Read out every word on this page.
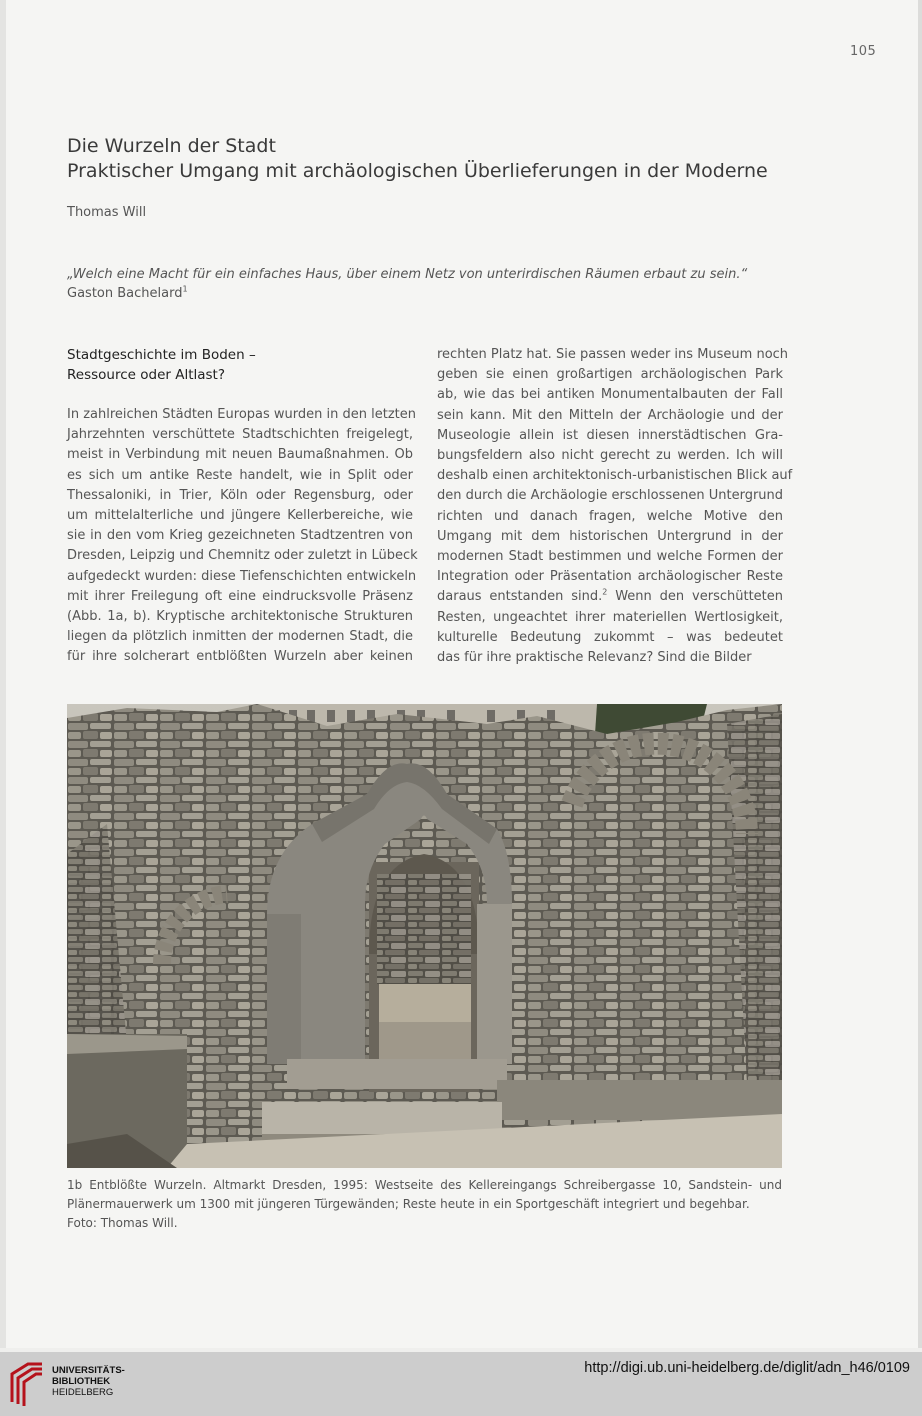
105
Die Wurzeln der Stadt
Praktischer Umgang mit archäologischen Überlieferungen in der Moderne
Thomas Will
„Welch eine Macht für ein einfaches Haus, über einem Netz von unterirdischen Räumen erbaut zu sein.“
Gaston Bachelard$^1$
Stadtgeschichte im Boden –
Ressource oder Altlast?
In zahlreichen Städten Europas wurden in den letzten
Jahrzehnten verschüttete Stadtschichten freigelegt,
meist in Verbindung mit neuen Baumaßnahmen. Ob
es sich um antike Reste handelt, wie in Split oder
Thessaloniki, in Trier, Köln oder Regensburg, oder
um mittelalterliche und jüngere Kellerbereiche, wie
sie in den vom Krieg gezeichneten Stadtzentren von
Dresden, Leipzig und Chemnitz oder zuletzt in Lübeck
aufgedeckt wurden: diese Tiefenschichten entwickeln
mit ihrer Freilegung oft eine eindrucksvolle Präsenz
(Abb. 1a, b). Kryptische architektonische Strukturen
liegen da plötzlich inmitten der modernen Stadt, die
für ihre solcherart entblößten Wurzeln aber keinen
rechten Platz hat. Sie passen weder ins Museum noch
geben sie einen großartigen archäologischen Park
ab, wie das bei antiken Monumentalbauten der Fall
sein kann. Mit den Mitteln der Archäologie und der
Museologie allein ist diesen innerstädtischen Gra-
bungsfeldern also nicht gerecht zu werden. Ich will
deshalb einen architektonisch-urbanistischen Blick auf
den durch die Archäologie erschlossenen Untergrund
richten und danach fragen, welche Motive den
Umgang mit dem historischen Untergrund in der
modernen Stadt bestimmen und welche Formen der
Integration oder Präsentation archäologischer Reste
daraus entstanden sind.$^2$ Wenn den verschütteten
Resten, ungeachtet ihrer materiellen Wertlosigkeit,
kulturelle Bedeutung zukommt – was bedeutet
das für ihre praktische Relevanz? Sind die Bilder
1b Entblößte Wurzeln. Altmarkt Dresden, 1995: Westseite des Kellereingangs Schreibergasse 10, Sandstein- und
Plänermauerwerk um 1300 mit jüngeren Türgewänden; Reste heute in ein Sportgeschäft integriert und begehbar.
Foto: Thomas Will.
UNIVERSITÄTS-
BIBLIOTHEK
HEIDELBERG
http://digi.ub.uni-heidelberg.de/diglit/adn_h46/0109
